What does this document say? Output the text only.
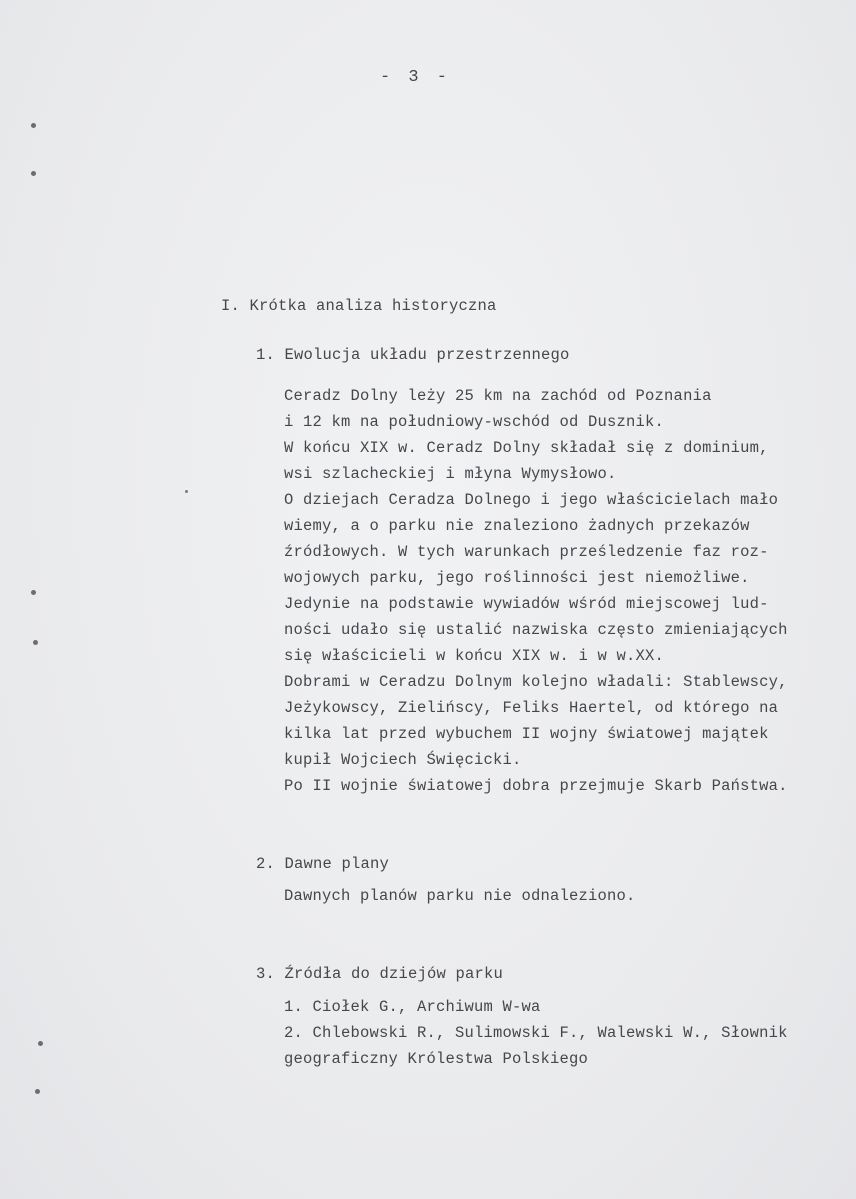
- 3 -
I. Krótka analiza historyczna
1. Ewolucja układu przestrzennego
Ceradz Dolny leży 25 km na zachód od Poznania
i 12 km na południowy-wschód od Dusznik.
W końcu XIX w. Ceradz Dolny składał się z dominium,
wsi szlacheckiej i młyna Wymysłowo.
O dziejach Ceradza Dolnego i jego właścicielach mało
wiemy, a o parku nie znaleziono żadnych przekazów
źródłowych. W tych warunkach prześledzenie faz roz-
wojowych parku, jego roślinności jest niemożliwe.
Jedynie na podstawie wywiadów wśród miejscowej lud-
ności udało się ustalić nazwiska często zmieniających
się właścicieli w końcu XIX w. i w w.XX.
Dobrami w Ceradzu Dolnym kolejno władali: Stablewscy,
Jeżykowscy, Zielińscy, Feliks Haertel, od którego na
kilka lat przed wybuchem II wojny światowej majątek
kupił Wojciech Święcicki.
Po II wojnie światowej dobra przejmuje Skarb Państwa.
2. Dawne plany
Dawnych planów parku nie odnaleziono.
3. Źródła do dziejów parku
1. Ciołek G., Archiwum W-wa
2. Chlebowski R., Sulimowski F., Walewski W., Słownik
geograficzny Królestwa Polskiego
